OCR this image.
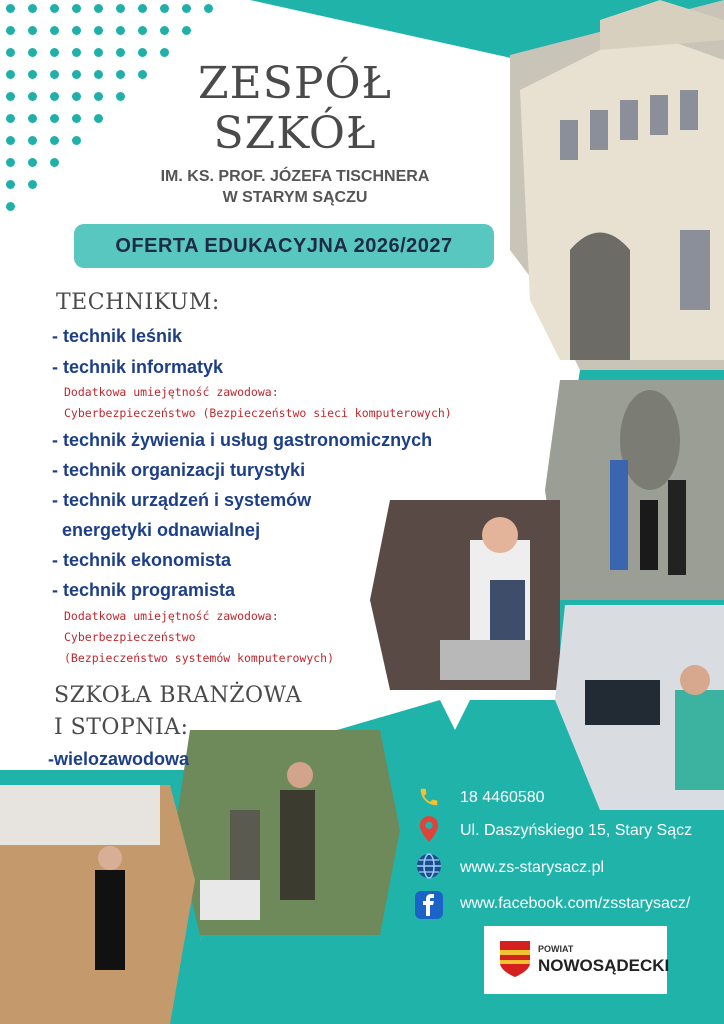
ZESPÓŁ
SZKÓŁ
IM. KS. PROF. JÓZEFA TISCHNERA
W STARYM SĄCZU
OFERTA EDUKACYJNA 2026/2027
TECHNIKUM:
- technik leśnik
- technik informatyk
Dodatkowa umiejętność zawodowa:
Cyberbezpieczeństwo (Bezpieczeństwo sieci komputerowych)
- technik żywienia i usług gastronomicznych
- technik organizacji turystyki
- technik urządzeń i systemów
energetyki odnawialnej
- technik ekonomista
- technik programista
Dodatkowa umiejętność zawodowa:
Cyberbezpieczeństwo
(Bezpieczeństwo systemów komputerowych)
SZKOŁA BRANŻOWA
I STOPNIA:
-wielozawodowa
18 4460580
Ul. Daszyńskiego 15, Stary Sącz
www.zs-starysacz.pl
www.facebook.com/zsstarysacz/
POWIAT
NOWOSĄDECKI
